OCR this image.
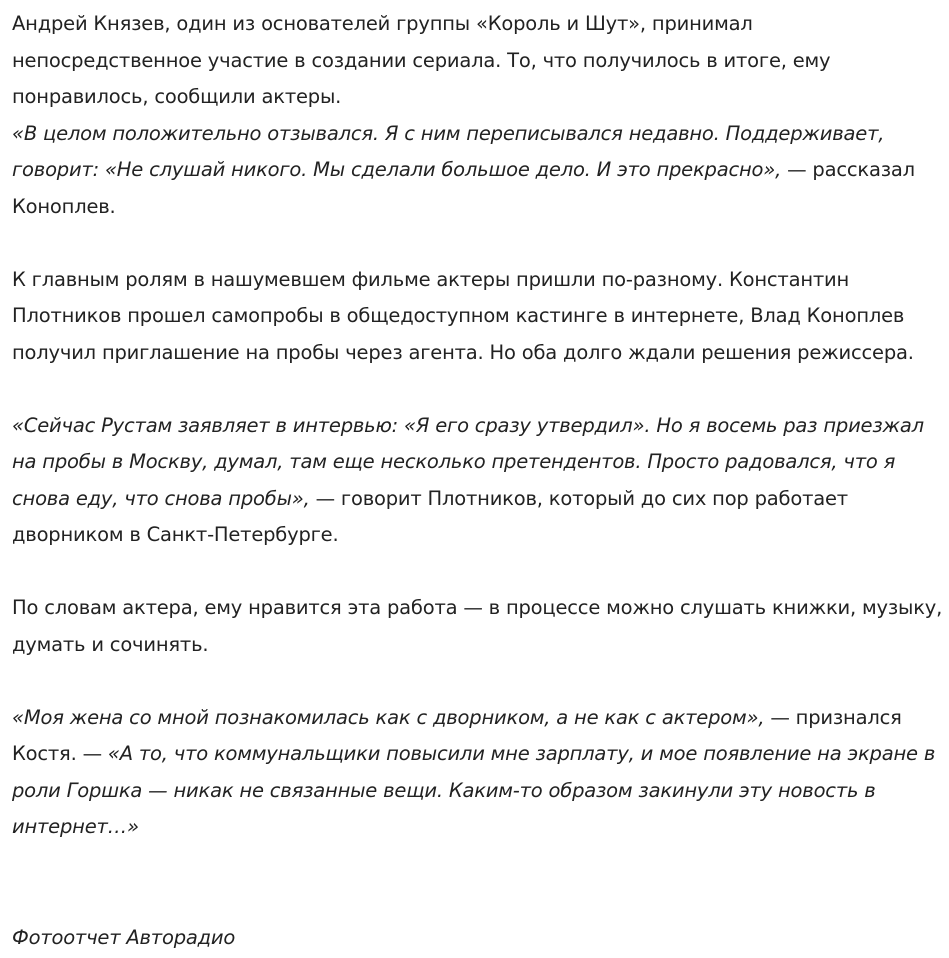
Андрей Князев, один из основателей группы «Король и Шут», принимал непосредственное участие в создании сериала. То, что получилось в итоге, ему понравилось, сообщили актеры.

«В целом положительно отзывался. Я с ним переписывался недавно. Поддерживает, говорит: «Не слушай никого. Мы сделали большое дело. И это прекрасно», — рассказал Коноплев.

К главным ролям в нашумевшем фильме актеры пришли по-разному. Константин Плотников прошел самопробы в общедоступном кастинге в интернете, Влад Коноплев получил приглашение на пробы через агента. Но оба долго ждали решения режиссера.

«Сейчас Рустам заявляет в интервью: «Я его сразу утвердил». Но я восемь раз приезжал на пробы в Москву, думал, там еще несколько претендентов. Просто радовался, что я снова еду, что снова пробы», — говорит Плотников, который до сих пор работает дворником в Санкт-Петербурге.

По словам актера, ему нравится эта работа — в процессе можно слушать книжки, музыку, думать и сочинять.

«Моя жена со мной познакомилась как с дворником, а не как с актером», — признался Костя. — «А то, что коммунальщики повысили мне зарплату, и мое появление на экране в роли Горшка — никак не связанные вещи. Каким-то образом закинули эту новость в интернет…»

Фотоотчет Авторадио
